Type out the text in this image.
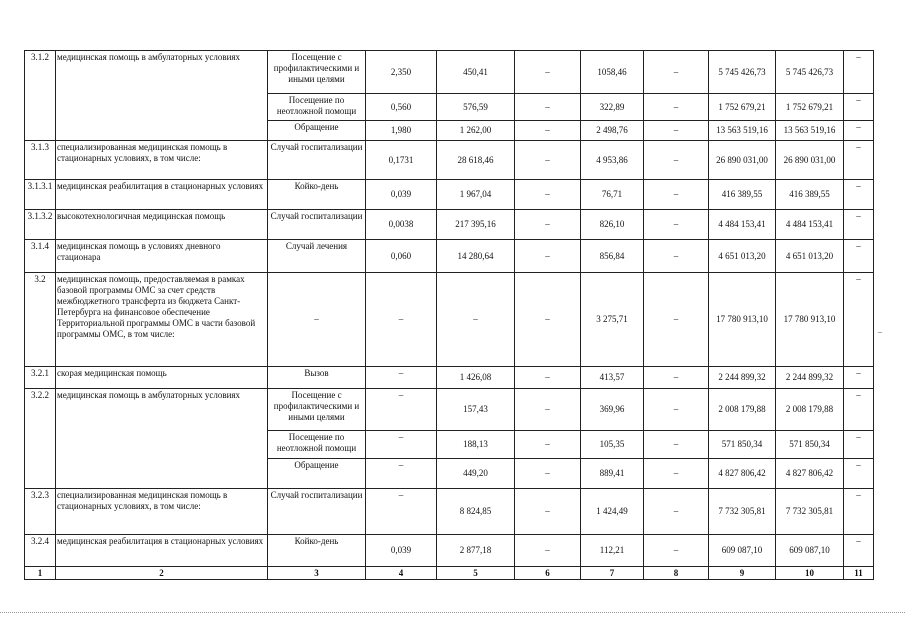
3.1.2	медицинская помощь в амбулаторных условиях	Посещение с профилактическими и иными целями	2,350	450,41	–	1058,46	–	5 745 426,73	5 745 426,73	–
		Посещение по неотложной помощи	0,560	576,59	–	322,89	–	1 752 679,21	1 752 679,21	–
		Обращение	1,980	1 262,00	–	2 498,76	–	13 563 519,16	13 563 519,16	–
3.1.3	специализированная медицинская помощь в стационарных условиях, в том числе:	Случай госпитализации	0,1731	28 618,46	–	4 953,86	–	26 890 031,00	26 890 031,00	–
3.1.3.1	медицинская реабилитация в стационарных условиях	Койко-день	0,039	1 967,04	–	76,71	–	416 389,55	416 389,55	–
3.1.3.2	высокотехнологичная медицинская помощь	Случай госпитализации	0,0038	217 395,16	–	826,10	–	4 484 153,41	4 484 153,41	–
3.1.4	медицинская помощь в условиях дневного стационара	Случай лечения	0,060	14 280,64	–	856,84	–	4 651 013,20	4 651 013,20	–
3.2	медицинская помощь, предоставляемая в рамках базовой программы ОМС за счет средств межбюджетного трансферта из бюджета Санкт-Петербурга на финансовое обеспечение Территориальной программы ОМС в части базовой программы ОМС, в том числе:	–	–	–	–	3 275,71	–	17 780 913,10	17 780 913,10	–
3.2.1	скорая медицинская помощь	Вызов	–	1 426,08	–	413,57	–	2 244 899,32	2 244 899,32	–
3.2.2	медицинская помощь в амбулаторных условиях	Посещение с профилактическими и иными целями	–	157,43	–	369,96	–	2 008 179,88	2 008 179,88	–
		Посещение по неотложной помощи	–	188,13	–	105,35	–	571 850,34	571 850,34	–
		Обращение	–	449,20	–	889,41	–	4 827 806,42	4 827 806,42	–
3.2.3	специализированная медицинская помощь в стационарных условиях, в том числе:	Случай госпитализации	–	8 824,85	–	1 424,49	–	7 732 305,81	7 732 305,81	–
3.2.4	медицинская реабилитация в стационарных условиях	Койко-день	0,039	2 877,18	–	112,21	–	609 087,10	609 087,10	–
1	2	3	4	5	6	7	8	9	10	11
–
